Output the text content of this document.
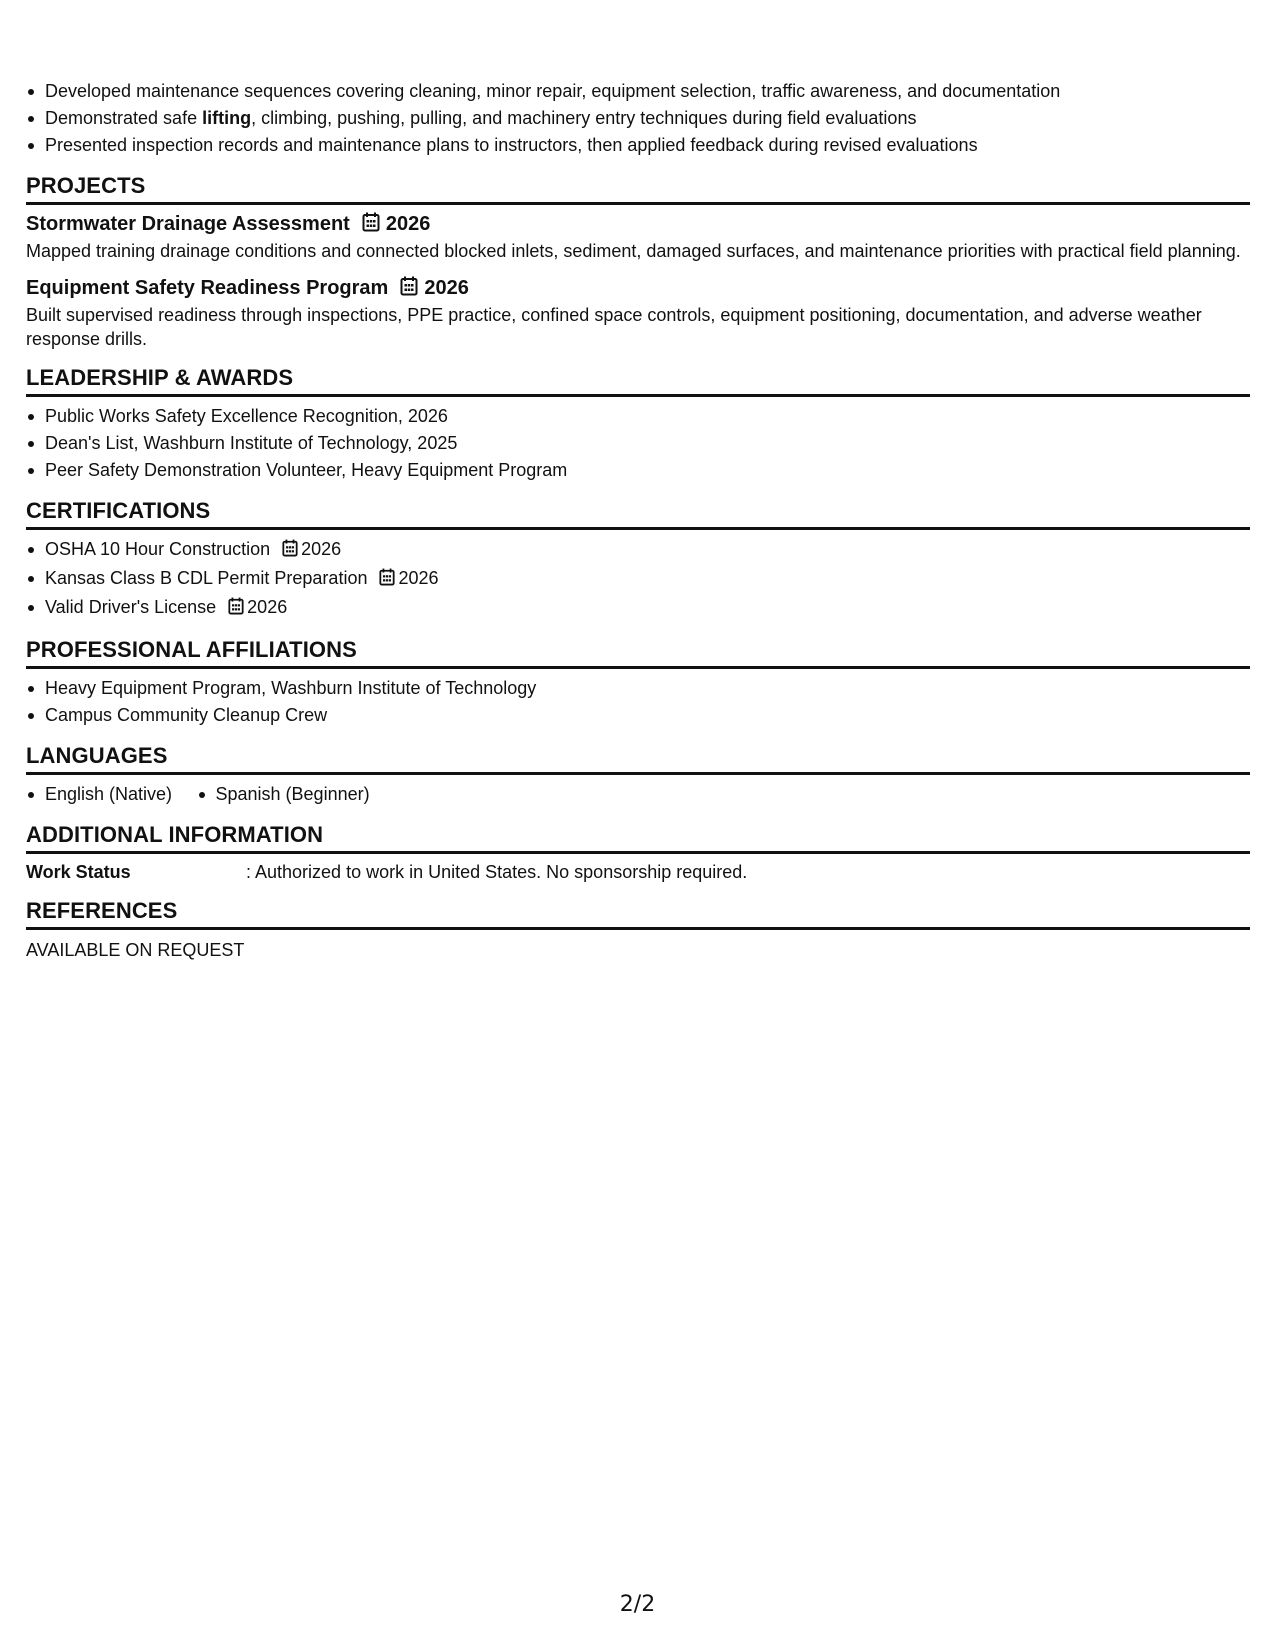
Developed maintenance sequences covering cleaning, minor repair, equipment selection, traffic awareness, and documentation
Demonstrated safe lifting, climbing, pushing, pulling, and machinery entry techniques during field evaluations
Presented inspection records and maintenance plans to instructors, then applied feedback during revised evaluations
PROJECTS
Stormwater Drainage Assessment 2026
Mapped training drainage conditions and connected blocked inlets, sediment, damaged surfaces, and maintenance priorities with practical field planning.
Equipment Safety Readiness Program 2026
Built supervised readiness through inspections, PPE practice, confined space controls, equipment positioning, documentation, and adverse weather response drills.
LEADERSHIP & AWARDS
Public Works Safety Excellence Recognition, 2026
Dean's List, Washburn Institute of Technology, 2025
Peer Safety Demonstration Volunteer, Heavy Equipment Program
CERTIFICATIONS
OSHA 10 Hour Construction 2026
Kansas Class B CDL Permit Preparation 2026
Valid Driver's License 2026
PROFESSIONAL AFFILIATIONS
Heavy Equipment Program, Washburn Institute of Technology
Campus Community Cleanup Crew
LANGUAGES
English (Native) Spanish (Beginner)
ADDITIONAL INFORMATION
Work Status	: Authorized to work in United States. No sponsorship required.
REFERENCES
AVAILABLE ON REQUEST
2/2
